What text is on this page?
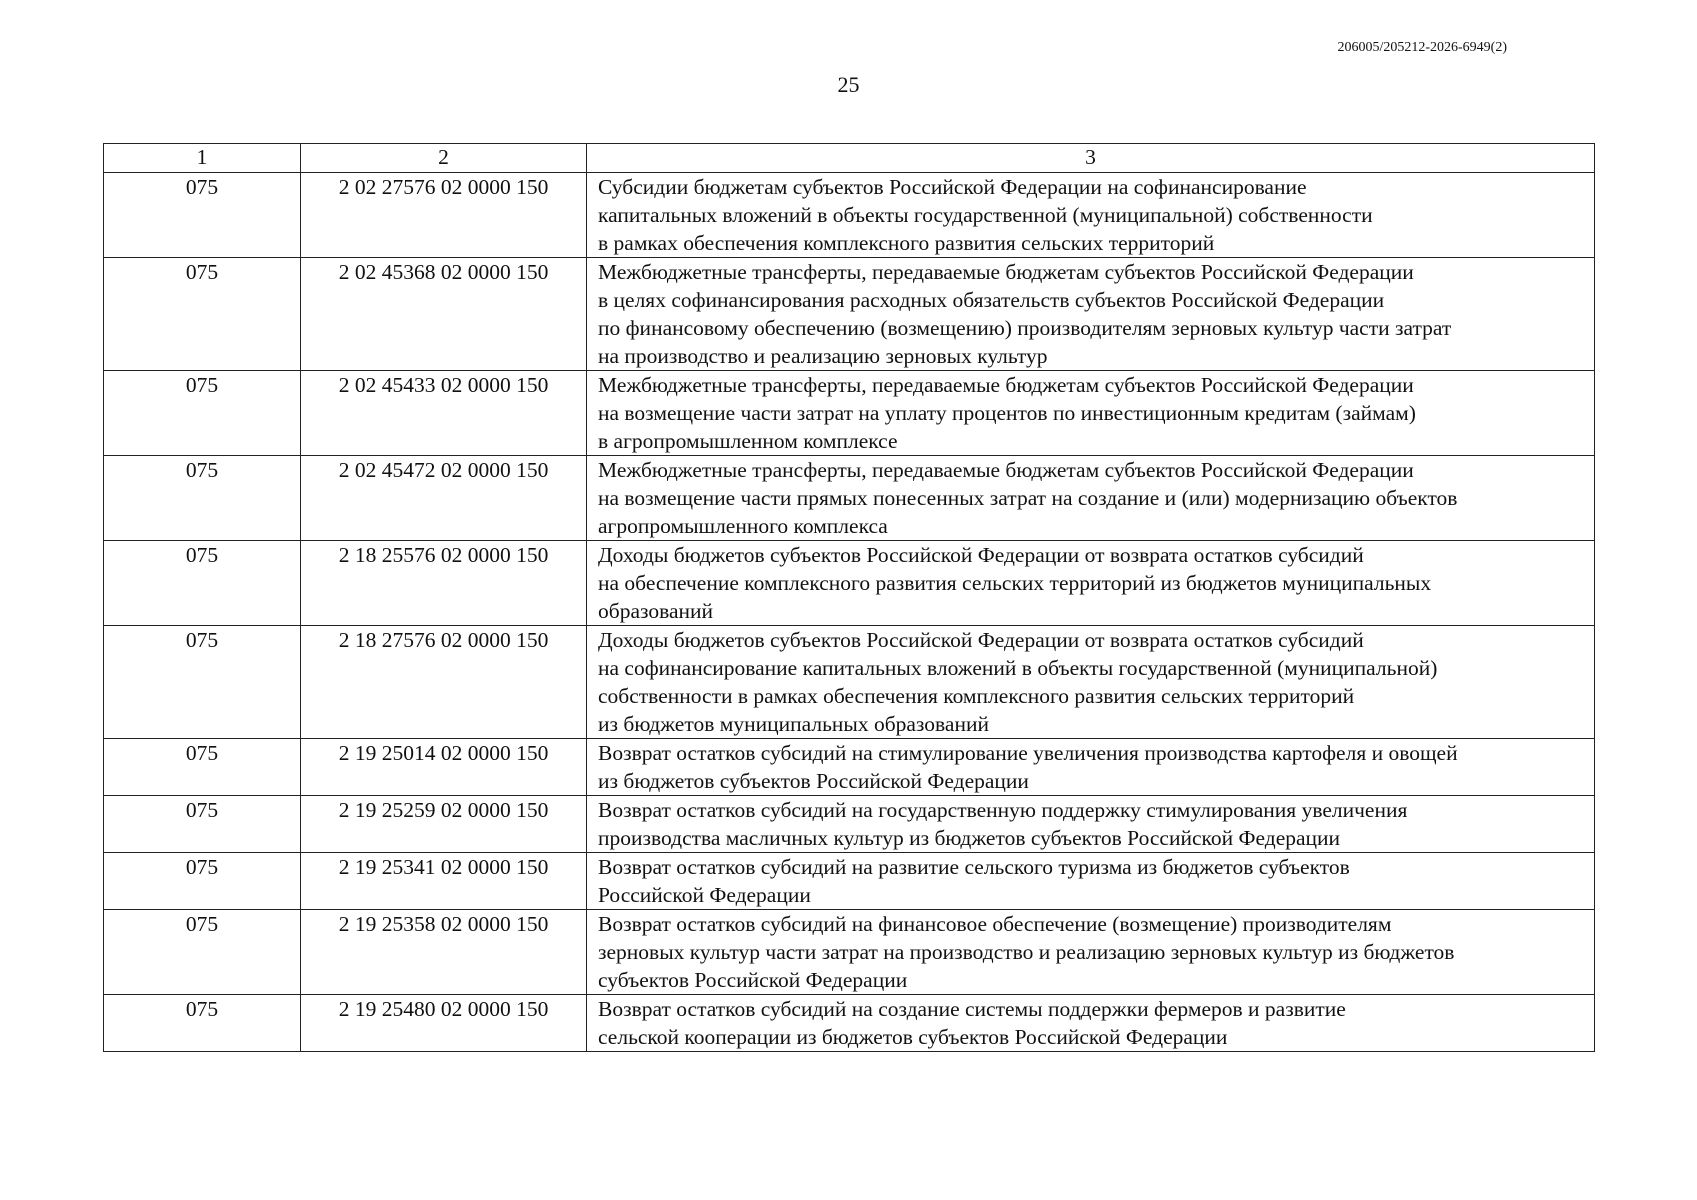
206005/205212-2026-6949(2)
25
1	2	3
075	2 02 27576 02 0000 150	Субсидии бюджетам субъектов Российской Федерации на софинансирование
капитальных вложений в объекты государственной (муниципальной) собственности
в рамках обеспечения комплексного развития сельских территорий

075	2 02 45368 02 0000 150	Межбюджетные трансферты, передаваемые бюджетам субъектов Российской Федерации
в целях софинансирования расходных обязательств субъектов Российской Федерации
по финансовому обеспечению (возмещению) производителям зерновых культур части затрат
на производство и реализацию зерновых культур

075	2 02 45433 02 0000 150	Межбюджетные трансферты, передаваемые бюджетам субъектов Российской Федерации
на возмещение части затрат на уплату процентов по инвестиционным кредитам (займам)
в агропромышленном комплексе

075	2 02 45472 02 0000 150	Межбюджетные трансферты, передаваемые бюджетам субъектов Российской Федерации
на возмещение части прямых понесенных затрат на создание и (или) модернизацию объектов
агропромышленного комплекса

075	2 18 25576 02 0000 150	Доходы бюджетов субъектов Российской Федерации от возврата остатков субсидий
на обеспечение комплексного развития сельских территорий из бюджетов муниципальных
образований

075	2 18 27576 02 0000 150	Доходы бюджетов субъектов Российской Федерации от возврата остатков субсидий
на софинансирование капитальных вложений в объекты государственной (муниципальной)
собственности в рамках обеспечения комплексного развития сельских территорий
из бюджетов муниципальных образований

075	2 19 25014 02 0000 150	Возврат остатков субсидий на стимулирование увеличения производства картофеля и овощей
из бюджетов субъектов Российской Федерации

075	2 19 25259 02 0000 150	Возврат остатков субсидий на государственную поддержку стимулирования увеличения
производства масличных культур из бюджетов субъектов Российской Федерации

075	2 19 25341 02 0000 150	Возврат остатков субсидий на развитие сельского туризма из бюджетов субъектов
Российской Федерации

075	2 19 25358 02 0000 150	Возврат остатков субсидий на финансовое обеспечение (возмещение) производителям
зерновых культур части затрат на производство и реализацию зерновых культур из бюджетов
субъектов Российской Федерации

075	2 19 25480 02 0000 150	Возврат остатков субсидий на создание системы поддержки фермеров и развитие
сельской кооперации из бюджетов субъектов Российской Федерации
